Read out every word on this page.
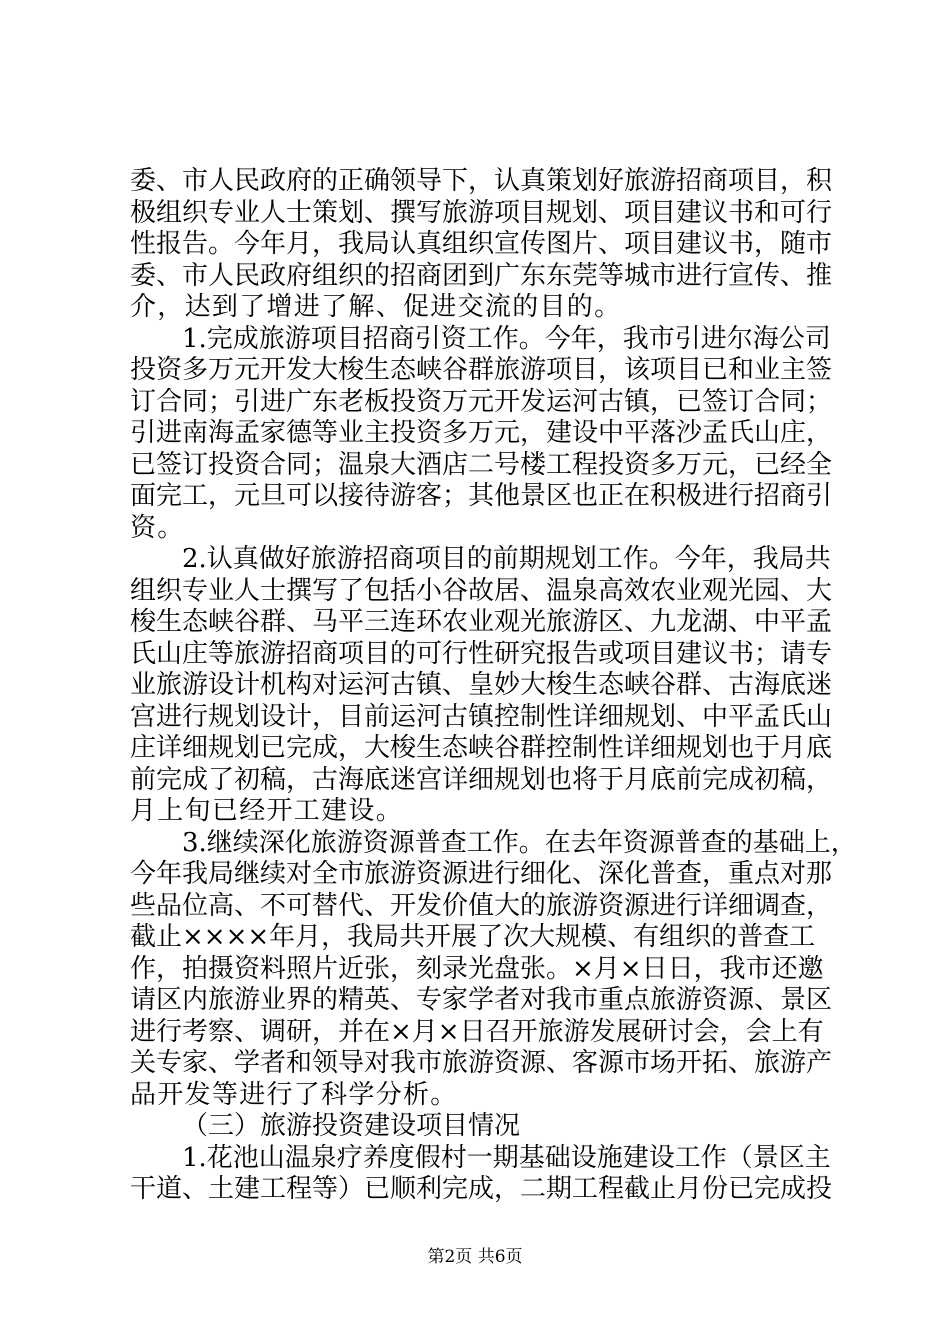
委、市人民政府的正确领导下，认真策划好旅游招商项目，积
极组织专业人士策划、撰写旅游项目规划、项目建议书和可行
性报告。今年月，我局认真组织宣传图片、项目建议书，随市
委、市人民政府组织的招商团到广东东莞等城市进行宣传、推
介，达到了增进了解、促进交流的目的。
1.完成旅游项目招商引资工作。今年，我市引进尔海公司
投资多万元开发大梭生态峡谷群旅游项目，该项目已和业主签
订合同；引进广东老板投资万元开发运河古镇，已签订合同；
引进南海孟家德等业主投资多万元，建设中平落沙孟氏山庄，
已签订投资合同；温泉大酒店二号楼工程投资多万元，已经全
面完工，元旦可以接待游客；其他景区也正在积极进行招商引
资。
2.认真做好旅游招商项目的前期规划工作。今年，我局共
组织专业人士撰写了包括小谷故居、温泉高效农业观光园、大
梭生态峡谷群、马平三连环农业观光旅游区、九龙湖、中平孟
氏山庄等旅游招商项目的可行性研究报告或项目建议书；请专
业旅游设计机构对运河古镇、皇妙大梭生态峡谷群、古海底迷
宫进行规划设计，目前运河古镇控制性详细规划、中平孟氏山
庄详细规划已完成，大梭生态峡谷群控制性详细规划也于月底
前完成了初稿，古海底迷宫详细规划也将于月底前完成初稿，
月上旬已经开工建设。
3.继续深化旅游资源普查工作。在去年资源普查的基础上，
今年我局继续对全市旅游资源进行细化、深化普查，重点对那
些品位高、不可替代、开发价值大的旅游资源进行详细调查，
截止××××年月，我局共开展了次大规模、有组织的普查工
作，拍摄资料照片近张，刻录光盘张。×月×日日，我市还邀
请区内旅游业界的精英、专家学者对我市重点旅游资源、景区
进行考察、调研，并在×月×日召开旅游发展研讨会，会上有
关专家、学者和领导对我市旅游资源、客源市场开拓、旅游产
品开发等进行了科学分析。
（三）旅游投资建设项目情况
1.花池山温泉疗养度假村一期基础设施建设工作（景区主
干道、土建工程等）已顺利完成，二期工程截止月份已完成投
第2页 共6页
